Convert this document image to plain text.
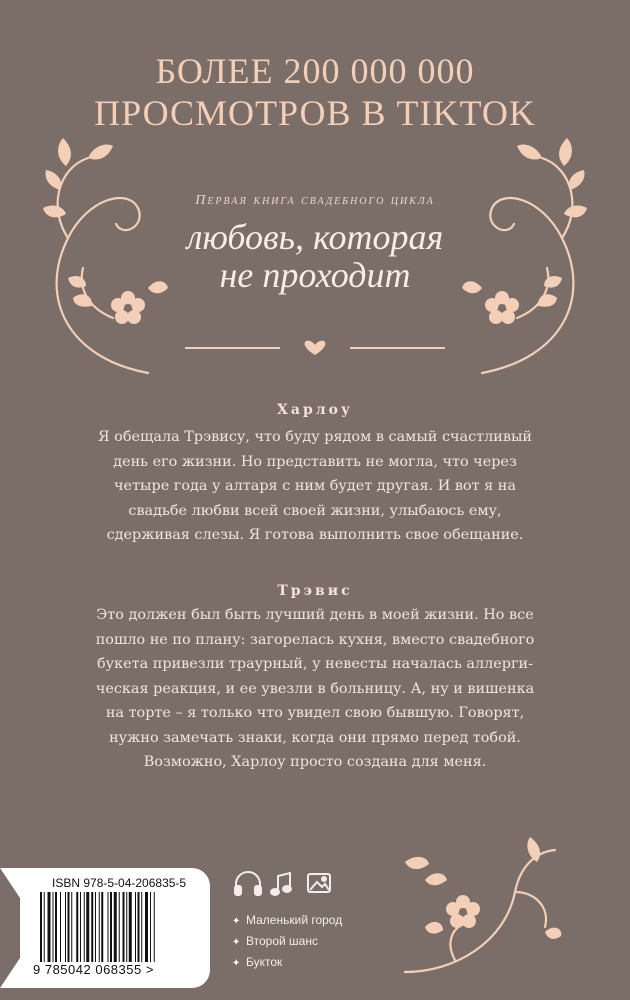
БОЛЕЕ 200 000 000
ПРОСМОТРОВ В TIKTOK
Первая книга свадебного цикла
любовь, которая
не проходит
Харлоу
Я обещала Трэвису, что буду рядом в самый счастливый
день его жизни. Но представить не могла, что через
четыре года у алтаря с ним будет другая. И вот я на
свадьбе любви всей своей жизни, улыбаюсь ему,
сдерживая слезы. Я готова выполнить свое обещание.
Трэвис
Это должен был быть лучший день в моей жизни. Но все
пошло не по плану: загорелась кухня, вместо свадебного
букета привезли траурный, у невесты началась аллерги-
ческая реакция, и ее увезли в больницу. А, ну и вишенка
на торте – я только что увидел свою бывшую. Говорят,
нужно замечать знаки, когда они прямо перед тобой.
Возможно, Харлоу просто создана для меня.
ISBN 978-5-04-206835-5
9 785042 068355 >
✦ Маленький город
✦ Второй шанс
✦ Букток
